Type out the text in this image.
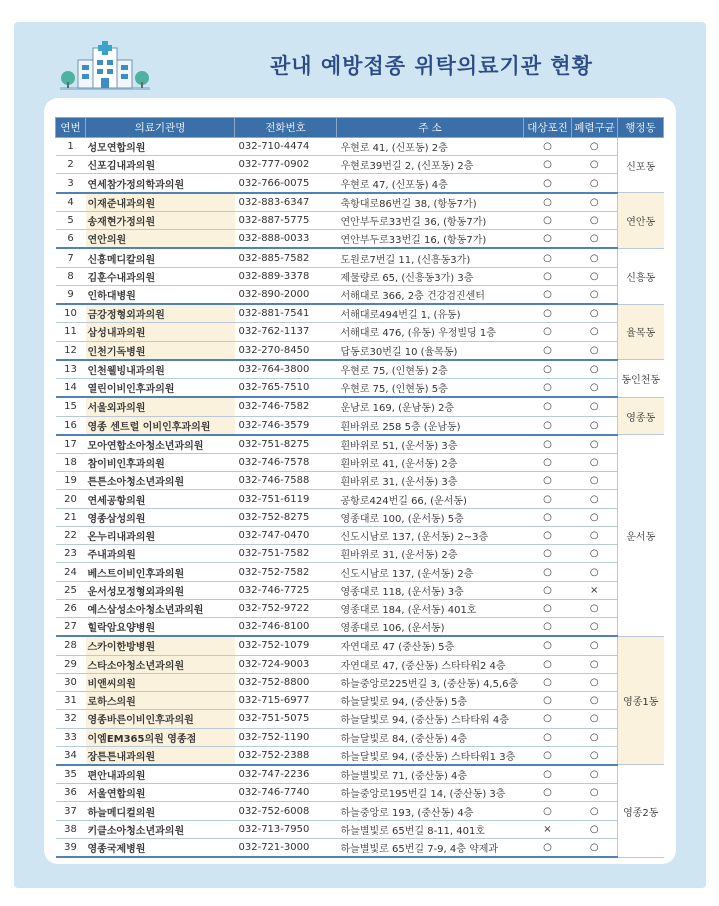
관내 예방접종 위탁의료기관 현황
연번	의료기관명	전화번호	주 소	대상포진	폐렴구균	행정동
1	성모연합의원	032-710-4474	우현로 41, (신포동) 2층	○	○	신포동
2	신포김내과의원	032-777-0902	우현로39번길 2, (신포동) 2층	○	○	
3	연세참가정의학과의원	032-766-0075	우현로 47, (신포동) 4층	○	○	
4	이재준내과의원	032-883-6347	축항대로86번길 38, (항동7가)	○	○	연안동
5	송재현가정의원	032-887-5775	연안부두로33번길 36, (항동7가)	○	○	
6	연안의원	032-888-0033	연안부두로33번길 16, (항동7가)	○	○	
7	신흥메디칼의원	032-885-7582	도원로7번길 11, (신흥동3가)	○	○	신흥동
8	김훈수내과의원	032-889-3378	제물량로 65, (신흥동3가) 3층	○	○	
9	인하대병원	032-890-2000	서해대로 366, 2층 건강검진센터	○	○	
10	금강정형외과의원	032-881-7541	서해대로494번길 1, (유동)	○	○	율목동
11	삼성내과의원	032-762-1137	서해대로 476, (유동) 우정빌딩 1층	○	○	
12	인천기독병원	032-270-8450	답동로30번길 10 (율목동)	○	○	
13	인천웰빙내과의원	032-764-3800	우현로 75, (인현동) 2층	○	○	동인천동
14	열린이비인후과의원	032-765-7510	우현로 75, (인현동) 5층	○	○	
15	서울외과의원	032-746-7582	운남로 169, (운남동) 2층	○	○	영종동
16	영종 센트럴 이비인후과의원	032-746-3579	흰바위로 258 5층 (운남동)	○	○	
17	모아연합소아청소년과의원	032-751-8275	흰바위로 51, (운서동) 3층	○	○	운서동
18	참이비인후과의원	032-746-7578	흰바위로 41, (운서동) 2층	○	○	
19	튼튼소아청소년과의원	032-746-7588	흰바위로 31, (운서동) 3층	○	○	
20	연세공항의원	032-751-6119	공항로424번길 66, (운서동)	○	○	
21	영종삼성의원	032-752-8275	영종대로 100, (운서동) 5층	○	○	
22	온누리내과의원	032-747-0470	신도시남로 137, (운서동) 2~3층	○	○	
23	주내과의원	032-751-7582	흰바위로 31, (운서동) 2층	○	○	
24	베스트이비인후과의원	032-752-7582	신도시남로 137, (운서동) 2층	○	○	
25	운서성모정형외과의원	032-746-7725	영종대로 118, (운서동) 3층	○	×	
26	예스삼성소아청소년과의원	032-752-9722	영종대로 184, (운서동) 401호	○	○	
27	힐락암요양병원	032-746-8100	영종대로 106, (운서동)	○	○	
28	스카이한방병원	032-752-1079	자연대로 47 (중산동) 5층	○	○	영종1동
29	스타소아청소년과의원	032-724-9003	자연대로 47, (중산동) 스타타워2 4층	○	○	
30	비앤씨의원	032-752-8800	하늘중앙로225번길 3, (중산동) 4,5,6층	○	○	
31	로하스의원	032-715-6977	하늘달빛로 94, (중산동) 5층	○	○	
32	영종바른이비인후과의원	032-751-5075	하늘달빛로 94, (중산동) 스타타워 4층	○	○	
33	이엠EM365의원 영종점	032-752-1190	하늘달빛로 84, (중산동) 4층	○	○	
34	장튼튼내과의원	032-752-2388	하늘달빛로 94, (중산동) 스타타워1 3층	○	○	
35	편안내과의원	032-747-2236	하늘별빛로 71, (중산동) 4층	○	○	영종2동
36	서울연합의원	032-746-7740	하늘중앙로195번길 14, (중산동) 3층	○	○	
37	하늘메디컬의원	032-752-6008	하늘중앙로 193, (중산동) 4층	○	○	
38	키클소아청소년과의원	032-713-7950	하늘별빛로 65번길 8-11, 401호	×	○	
39	영종국제병원	032-721-3000	하늘별빛로 65번길 7-9, 4층 약제과	○	○	
